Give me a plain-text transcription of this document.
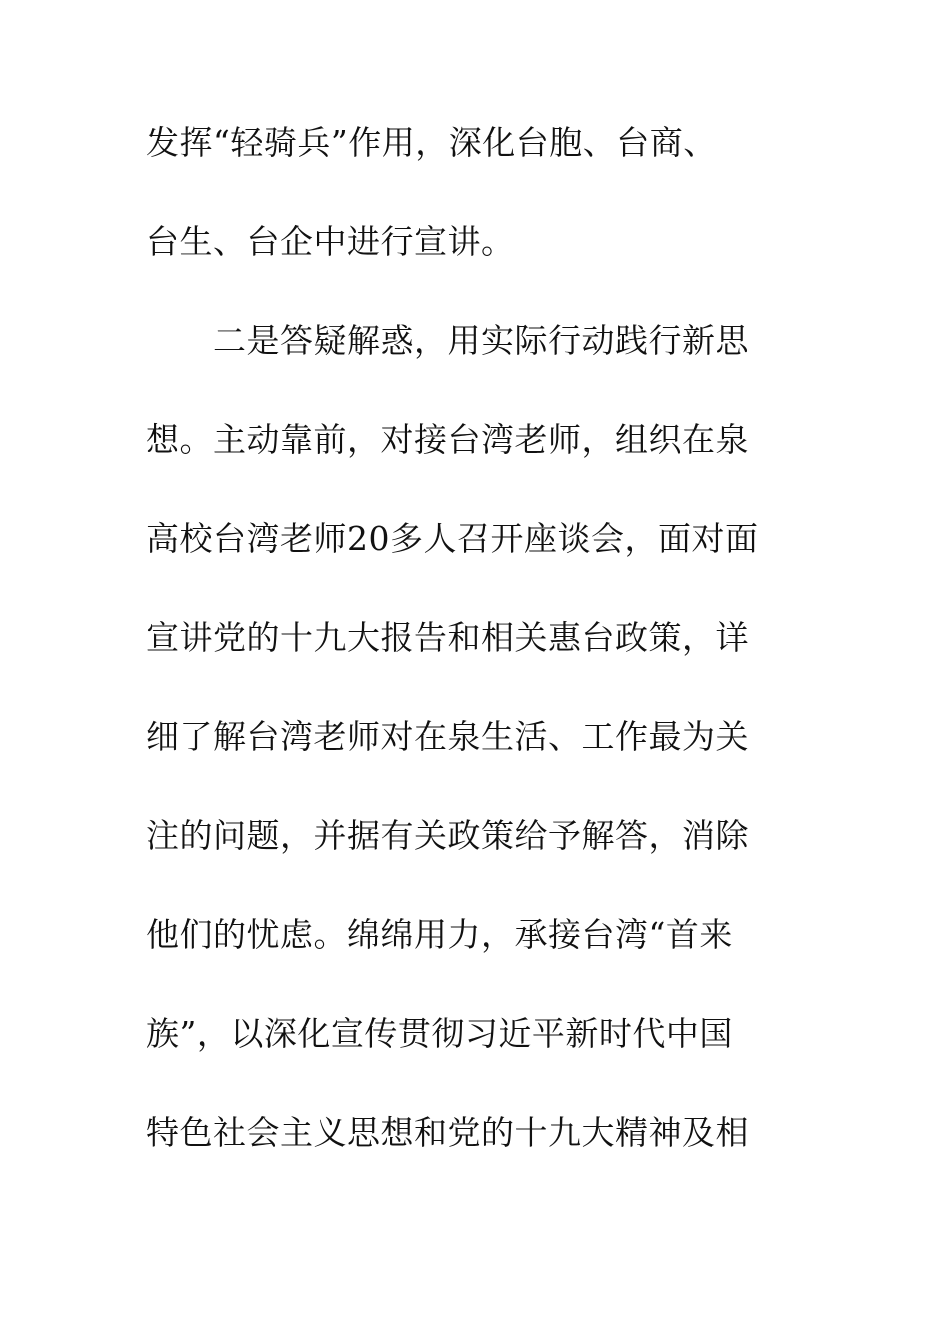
发挥“轻骑兵”作用，深化台胞、台商、
台生、台企中进行宣讲。
　　二是答疑解惑，用实际行动践行新思
想。主动靠前，对接台湾老师，组织在泉
高校台湾老师20多人召开座谈会，面对面
宣讲党的十九大报告和相关惠台政策，详
细了解台湾老师对在泉生活、工作最为关
注的问题，并据有关政策给予解答，消除
他们的忧虑。绵绵用力，承接台湾“首来
族”，以深化宣传贯彻习近平新时代中国
特色社会主义思想和党的十九大精神及相
